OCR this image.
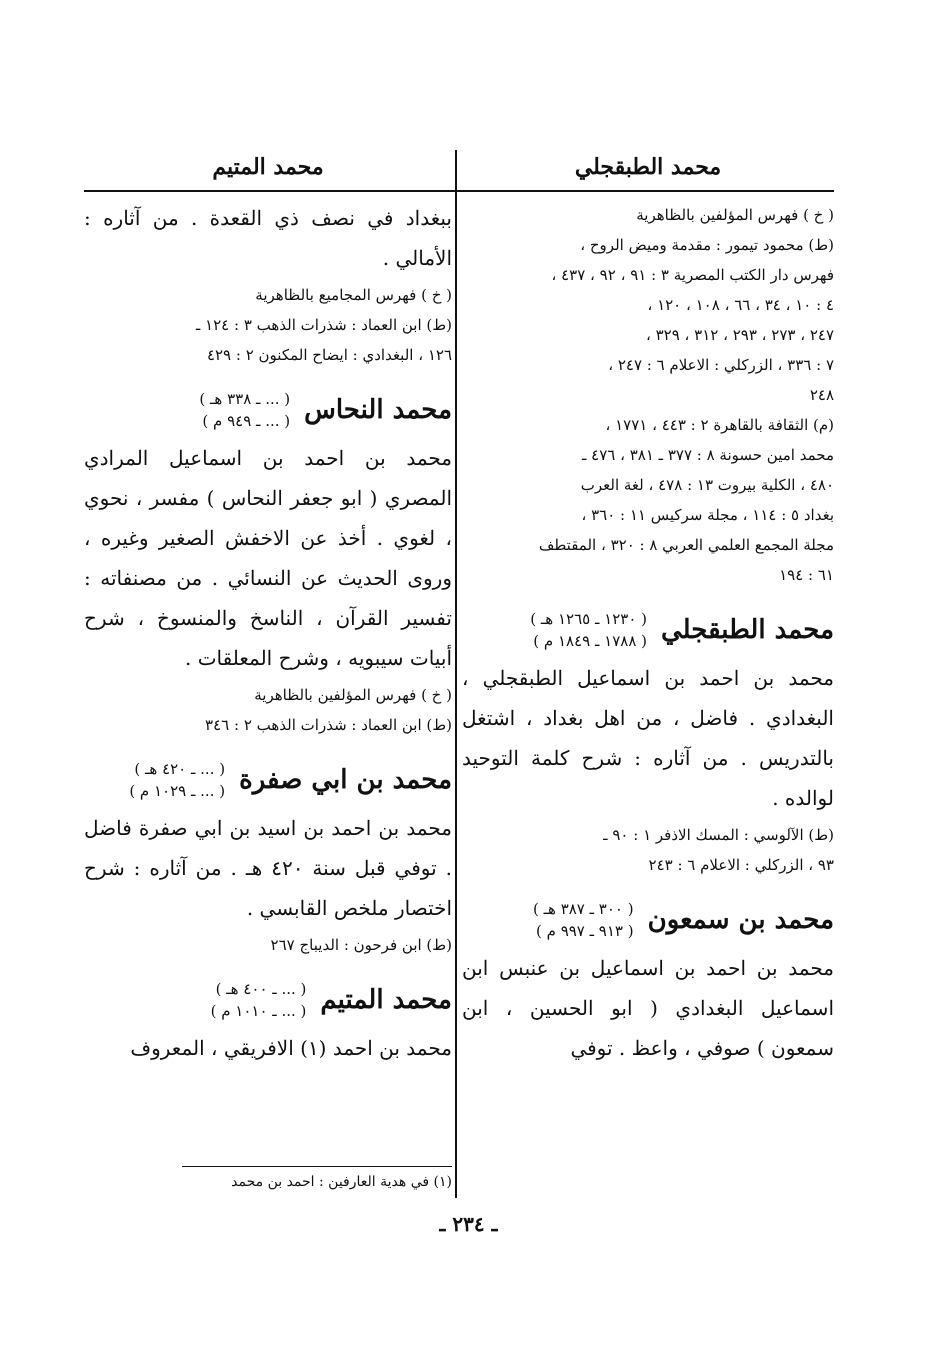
محمد الطبقجلي

( خ ) فهرس المؤلفين بالظاهرية

(ط) محمود تيمور : مقدمة وميض الروح ،

فهرس دار الكتب المصرية ٣ : ٩١ ، ٩٢ ، ٤٣٧ ،

٤ : ١٠ ، ٣٤ ، ٦٦ ، ١٠٨ ، ١٢٠ ،

٢٤٧ ، ٢٧٣ ، ٢٩٣ ، ٣١٢ ، ٣٢٩ ،

٧ : ٣٣٦ ، الزركلي : الاعلام ٦ : ٢٤٧ ،

٢٤٨

(م) الثقافة بالقاهرة ٢ : ٤٤٣ ، ١٧٧١ ،

محمد امين حسونة ٨ : ٣٧٧ ـ ٣٨١ ، ٤٧٦ ـ

٤٨٠ ، الكلية بيروت ١٣ : ٤٧٨ ، لغة العرب

بغداد ٥ : ١١٤ ، مجلة سركيس ١١ : ٣٦٠ ،

مجلة المجمع العلمي العربي ٨ : ٣٢٠ ، المقتطف

٦١ : ١٩٤

محمد الطبقجلي
( ١٢٣٠ ـ ١٢٦٥ هـ )
( ١٧٨٨ ـ ١٨٤٩ م )

محمد بن احمد بن اسماعيل الطبقجلي ، البغدادي . فاضل ، من اهل بغداد ، اشتغل بالتدريس . من آثاره : شرح كلمة التوحيد لوالده .

(ط) الآلوسي : المسك الاذفر ١ : ٩٠ ـ

٩٣ ، الزركلي : الاعلام ٦ : ٢٤٣

محمد بن سمعون
( ٣٠٠ ـ ٣٨٧ هـ )
( ٩١٣ ـ ٩٩٧ م )

محمد بن احمد بن اسماعيل بن عنبس ابن اسماعيل البغدادي ( ابو الحسين ، ابن سمعون ) صوفي ، واعظ . توفي

محمد المتيم

ببغداد في نصف ذي القعدة . من آثاره : الأمالي .

( خ ) فهرس المجاميع بالظاهرية

(ط) ابن العماد : شذرات الذهب ٣ : ١٢٤ ـ

١٢٦ ، البغدادي : ايضاح المكنون ٢ : ٤٢٩

محمد النحاس
( ... ـ ٣٣٨ هـ )
( ... ـ ٩٤٩ م )

محمد بن احمد بن اسماعيل المرادي المصري ( ابو جعفر النحاس ) مفسر ، نحوي ، لغوي . أخذ عن الاخفش الصغير وغيره ، وروى الحديث عن النسائي . من مصنفاته : تفسير القرآن ، الناسخ والمنسوخ ، شرح أبيات سيبويه ، وشرح المعلقات .

( خ ) فهرس المؤلفين بالظاهرية

(ط) ابن العماد : شذرات الذهب ٢ : ٣٤٦

محمد بن ابي صفرة
( ... ـ ٤٢٠ هـ )
( ... ـ ١٠٢٩ م )

محمد بن احمد بن اسيد بن ابي صفرة فاضل . توفي قبل سنة ٤٢٠ هـ . من آثاره : شرح اختصار ملخص القابسي .

(ط) ابن فرحون : الديباج ٢٦٧

محمد المتيم
( ... ـ ٤٠٠ هـ )
( ... ـ ١٠١٠ م )

محمد بن احمد (١) الافريقي ، المعروف

(١) في هدية العارفين : احمد بن محمد
ـ ٢٣٤ ـ
